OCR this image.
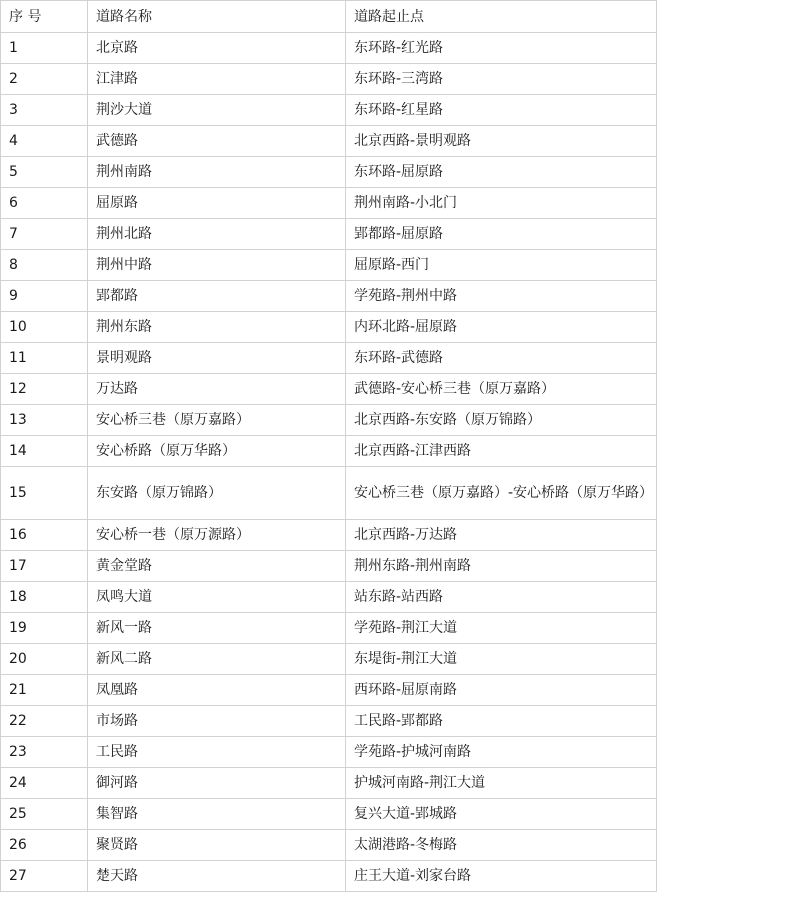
序 号	道路名称	道路起止点
1	北京路	东环路-红光路
2	江津路	东环路-三湾路
3	荆沙大道	东环路-红星路
4	武德路	北京西路-景明观路
5	荆州南路	东环路-屈原路
6	屈原路	荆州南路-小北门
7	荆州北路	郢都路-屈原路
8	荆州中路	屈原路-西门
9	郢都路	学苑路-荆州中路
10	荆州东路	内环北路-屈原路
11	景明观路	东环路-武德路
12	万达路	武德路-安心桥三巷（原万嘉路）
13	安心桥三巷（原万嘉路）	北京西路-东安路（原万锦路）
14	安心桥路（原万华路）	北京西路-江津西路
15	东安路（原万锦路）	安心桥三巷（原万嘉路）-安心桥路（原万华路）
16	安心桥一巷（原万源路）	北京西路-万达路
17	黄金堂路	荆州东路-荆州南路
18	凤鸣大道	站东路-站西路
19	新风一路	学苑路-荆江大道
20	新风二路	东堤街-荆江大道
21	凤凰路	西环路-屈原南路
22	市场路	工民路-郢都路
23	工民路	学苑路-护城河南路
24	御河路	护城河南路-荆江大道
25	集智路	复兴大道-郢城路
26	聚贤路	太湖港路-冬梅路
27	楚天路	庄王大道-刘家台路
